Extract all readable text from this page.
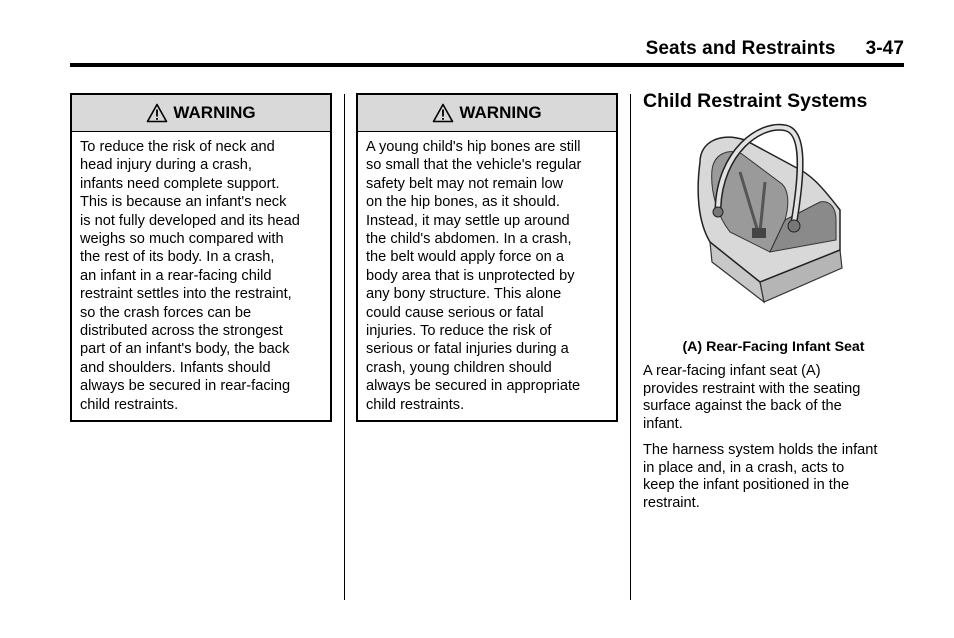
Seats and Restraints 3-47
WARNING
To reduce the risk of neck and
head injury during a crash,
infants need complete support.
This is because an infant's neck
is not fully developed and its head
weighs so much compared with
the rest of its body. In a crash,
an infant in a rear-facing child
restraint settles into the restraint,
so the crash forces can be
distributed across the strongest
part of an infant's body, the back
and shoulders. Infants should
always be secured in rear-facing
child restraints.
WARNING
A young child's hip bones are still
so small that the vehicle's regular
safety belt may not remain low
on the hip bones, as it should.
Instead, it may settle up around
the child's abdomen. In a crash,
the belt would apply force on a
body area that is unprotected by
any bony structure. This alone
could cause serious or fatal
injuries. To reduce the risk of
serious or fatal injuries during a
crash, young children should
always be secured in appropriate
child restraints.
Child Restraint Systems
(A) Rear-Facing Infant Seat
A rear-facing infant seat (A)
provides restraint with the seating
surface against the back of the
infant.
The harness system holds the infant
in place and, in a crash, acts to
keep the infant positioned in the
restraint.
